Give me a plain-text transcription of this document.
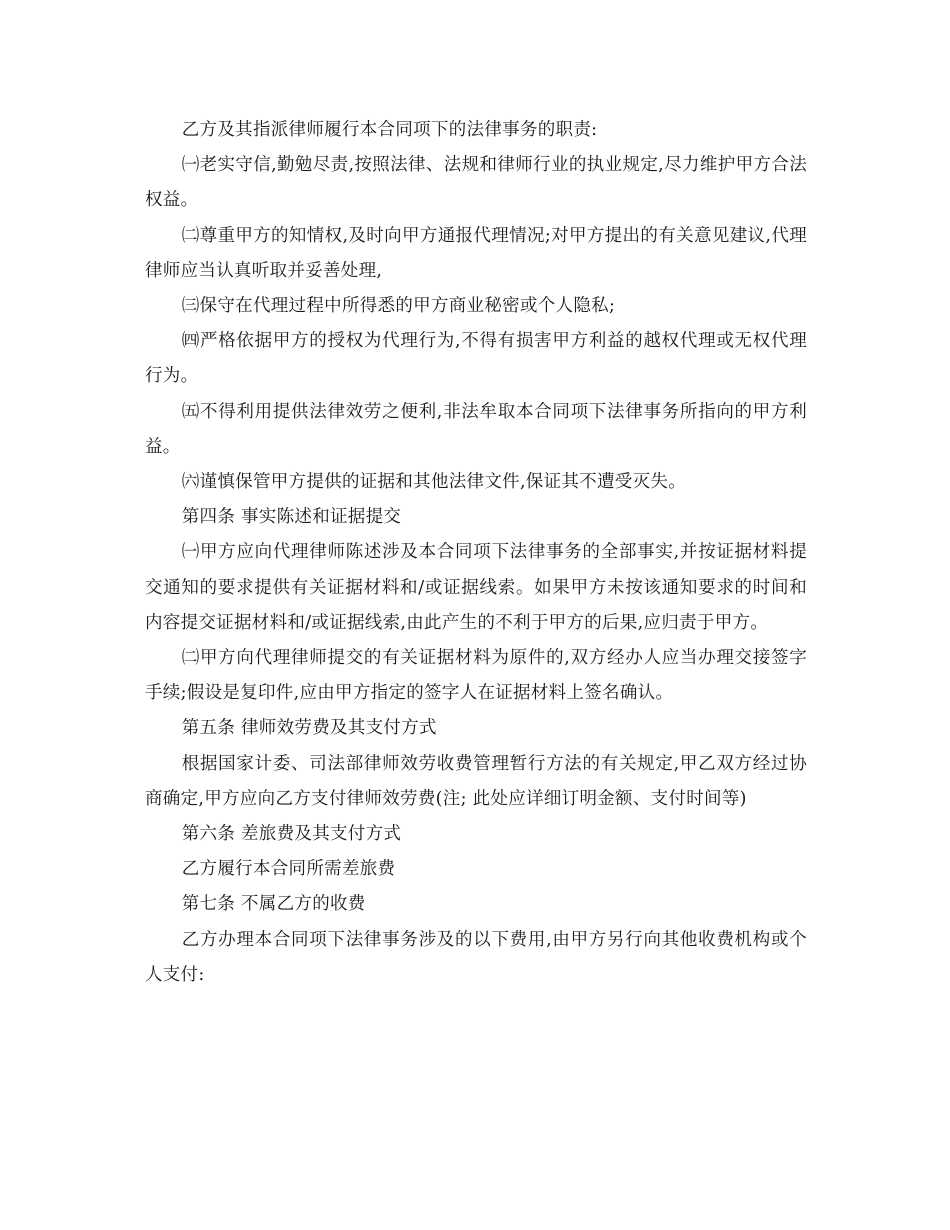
乙方及其指派律师履行本合同项下的法律事务的职责:

㈠老实守信,勤勉尽责,按照法律、法规和律师行业的执业规定,尽力维护甲方合法权益。

㈡尊重甲方的知情权,及时向甲方通报代理情况;对甲方提出的有关意见建议,代理律师应当认真听取并妥善处理,

㈢保守在代理过程中所得悉的甲方商业秘密或个人隐私;

㈣严格依据甲方的授权为代理行为,不得有损害甲方利益的越权代理或无权代理行为。

㈤不得利用提供法律效劳之便利,非法牟取本合同项下法律事务所指向的甲方利益。

㈥谨慎保管甲方提供的证据和其他法律文件,保证其不遭受灭失。

第四条 事实陈述和证据提交

㈠甲方应向代理律师陈述涉及本合同项下法律事务的全部事实,并按证据材料提交通知的要求提供有关证据材料和/或证据线索。如果甲方未按该通知要求的时间和内容提交证据材料和/或证据线索,由此产生的不利于甲方的后果,应归责于甲方。

㈡甲方向代理律师提交的有关证据材料为原件的,双方经办人应当办理交接签字手续;假设是复印件,应由甲方指定的签字人在证据材料上签名确认。

第五条 律师效劳费及其支付方式

根据国家计委、司法部律师效劳收费管理暂行方法的有关规定,甲乙双方经过协商确定,甲方应向乙方支付律师效劳费(注; 此处应详细订明金额、支付时间等)

第六条 差旅费及其支付方式

乙方履行本合同所需差旅费

第七条 不属乙方的收费

乙方办理本合同项下法律事务涉及的以下费用,由甲方另行向其他收费机构或个人支付:
